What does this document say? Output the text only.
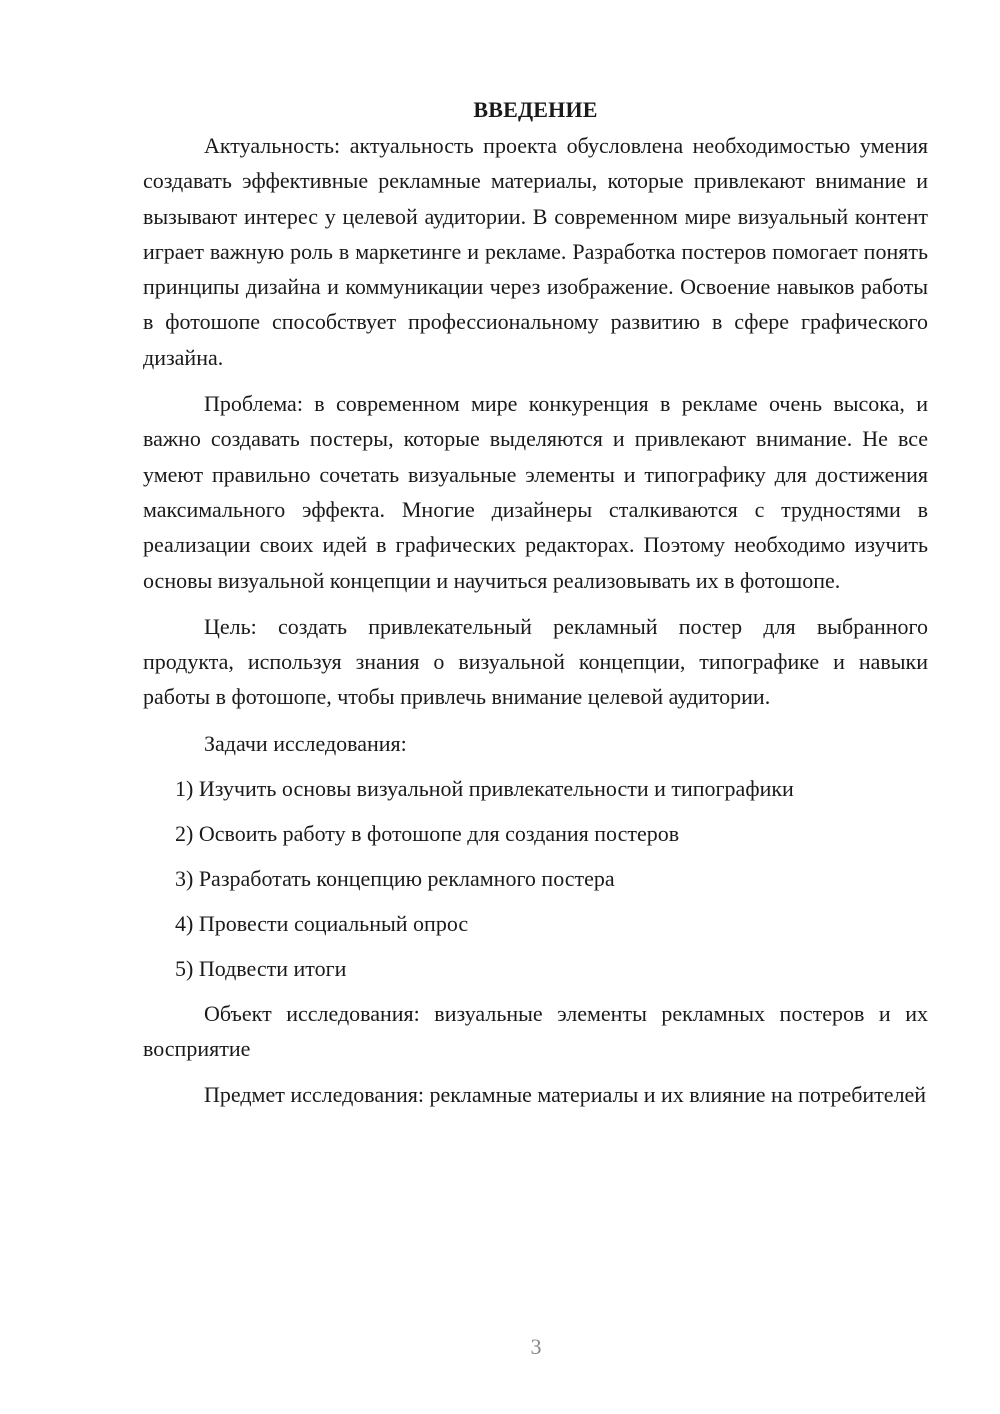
ВВЕДЕНИЕ

Актуальность: актуальность проекта обусловлена необходимостью умения создавать эффективные рекламные материалы, которые привлекают внимание и вызывают интерес у целевой аудитории. В современном мире визуальный контент играет важную роль в маркетинге и рекламе. Разработка постеров помогает понять принципы дизайна и коммуникации через изображение. Освоение навыков работы в фотошопе способствует профессиональному развитию в сфере графического дизайна.

Проблема: в современном мире конкуренция в рекламе очень высока, и важно создавать постеры, которые выделяются и привлекают внимание. Не все умеют правильно сочетать визуальные элементы и типографику для достижения максимального эффекта. Многие дизайнеры сталкиваются с трудностями в реализации своих идей в графических редакторах. Поэтому необходимо изучить основы визуальной концепции и научиться реализовывать их в фотошопе.

Цель: создать привлекательный рекламный постер для выбранного продукта, используя знания о визуальной концепции, типографике и навыки работы в фотошопе, чтобы привлечь внимание целевой аудитории.

Задачи исследования:

1) Изучить основы визуальной привлекательности и типографики
2) Освоить работу в фотошопе для создания постеров
3) Разработать концепцию рекламного постера
4) Провести социальный опрос
5) Подвести итоги

Объект исследования: визуальные элементы рекламных постеров и их восприятие

Предмет исследования: рекламные материалы и их влияние на потребителей

3
